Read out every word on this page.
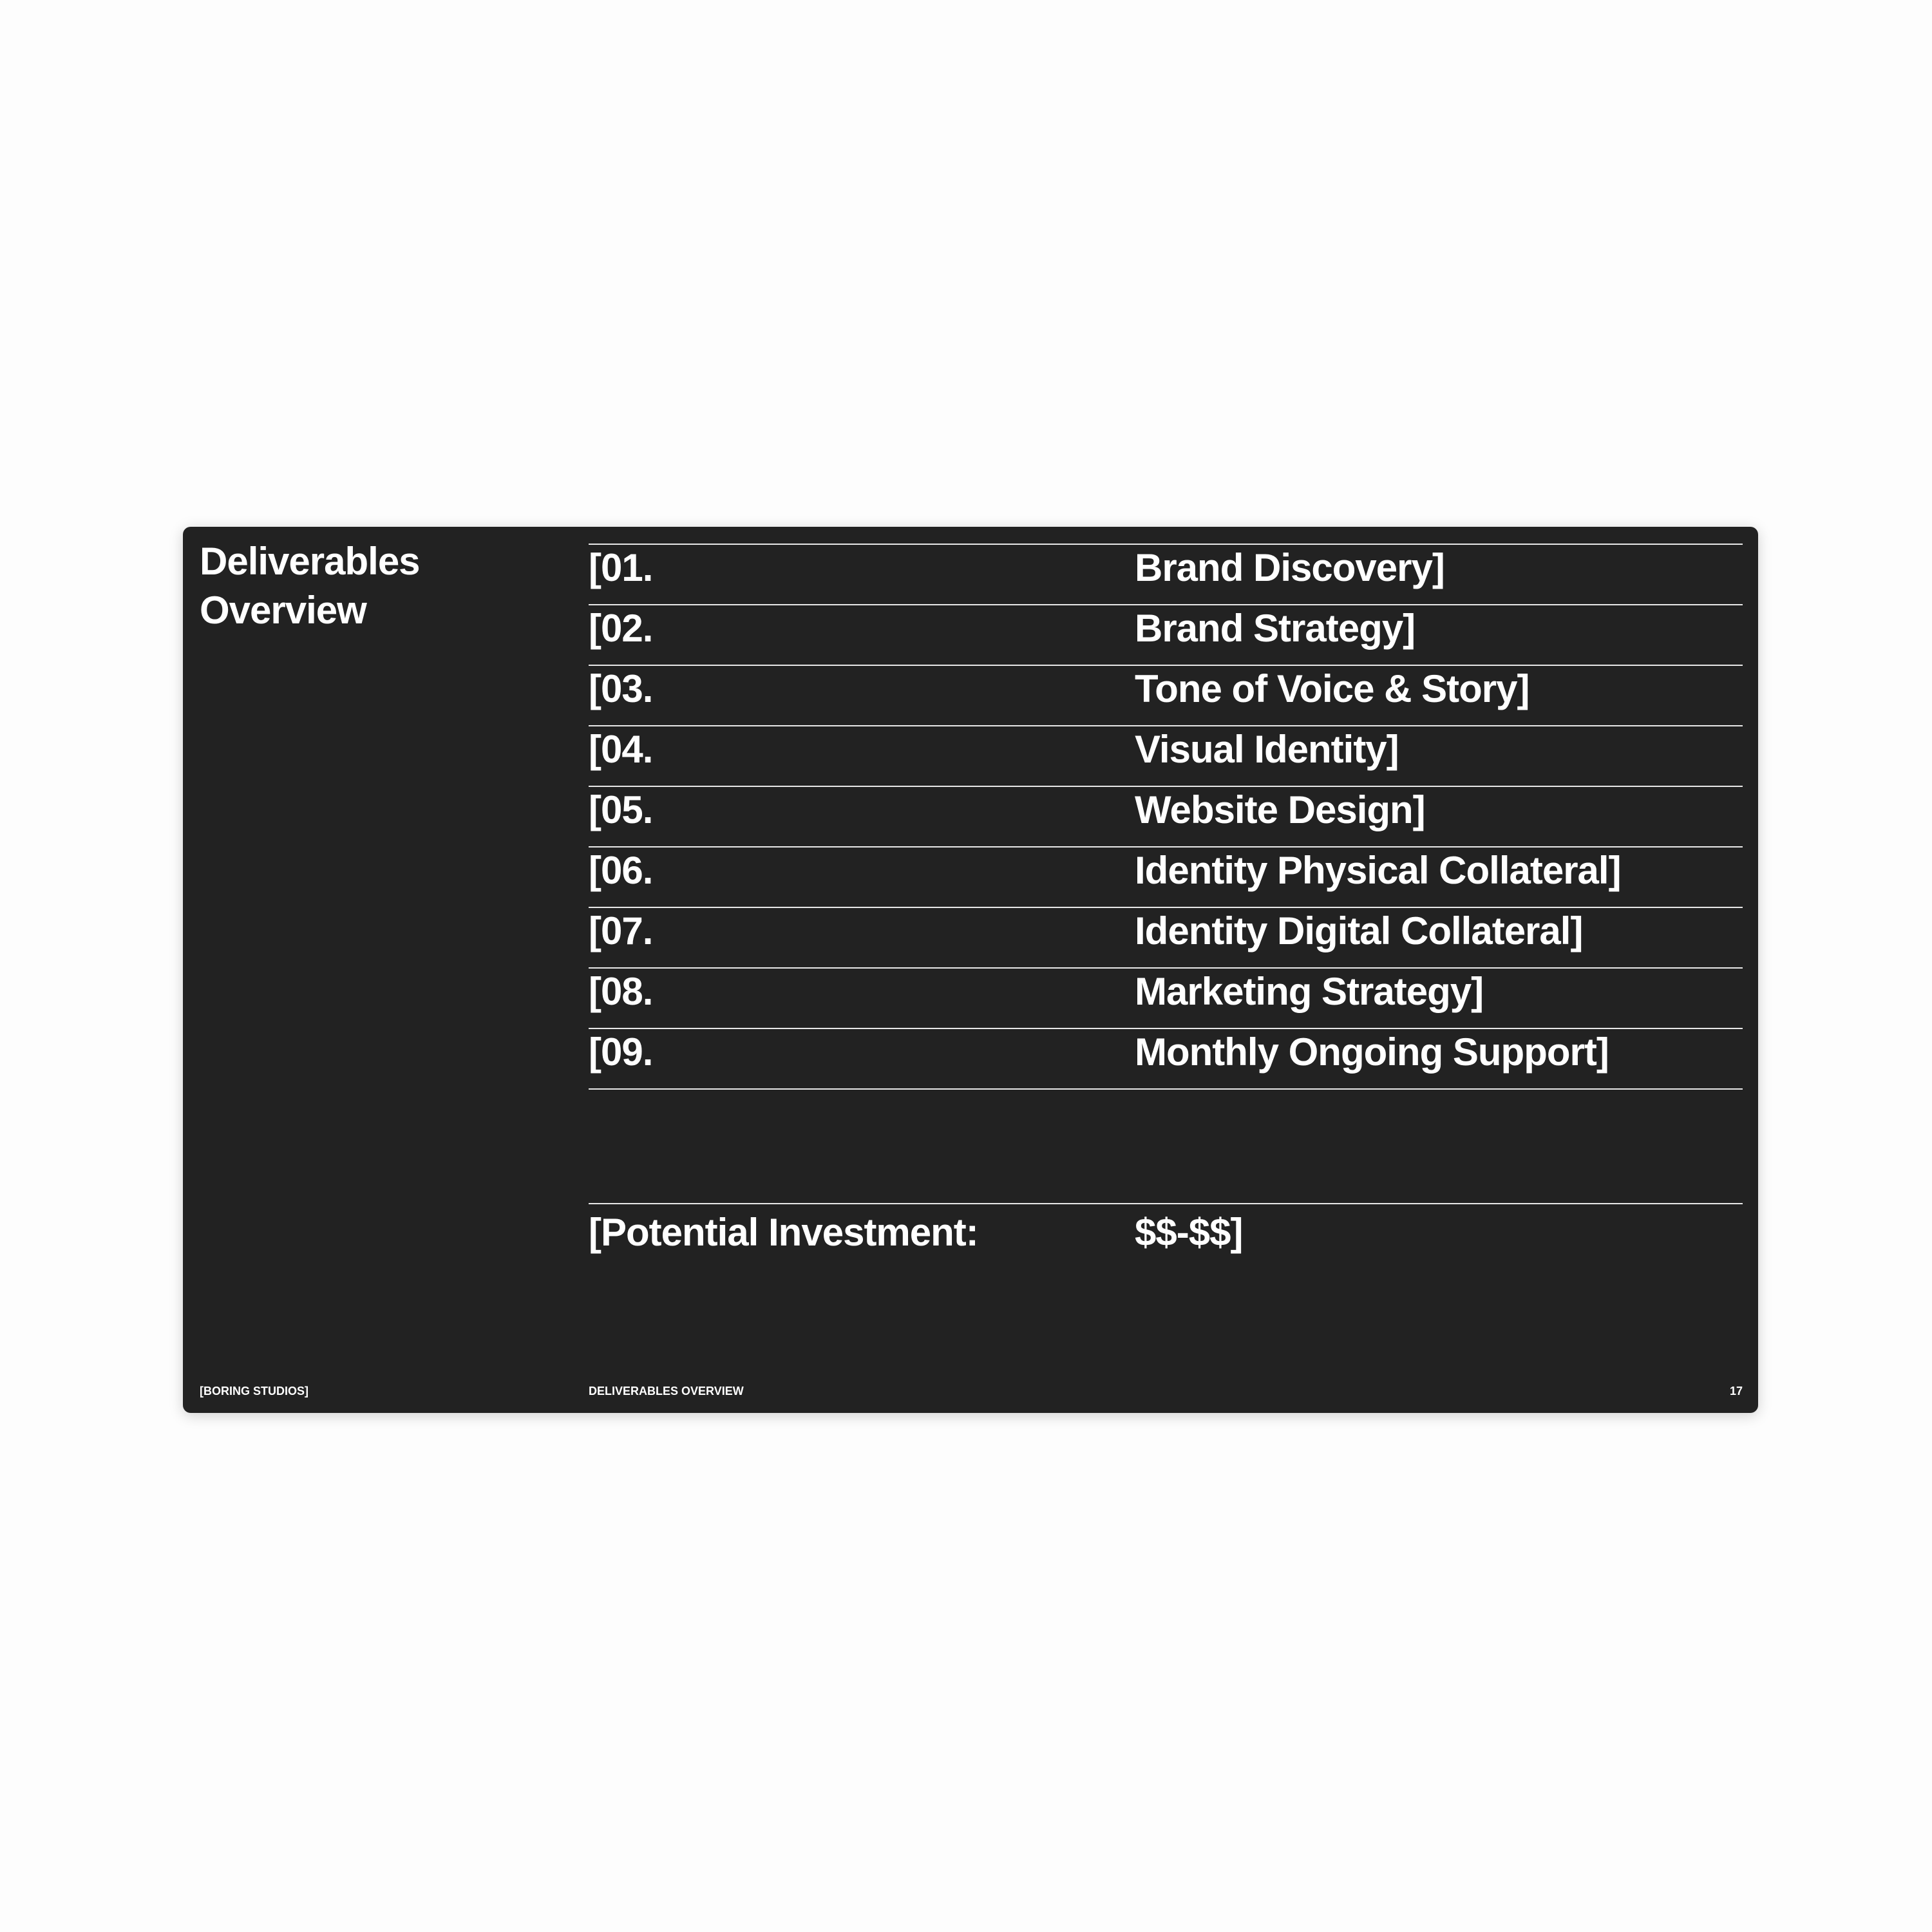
Deliverables
Overview
[01.	Brand Discovery]
[02.	Brand Strategy]
[03.	Tone of Voice & Story]
[04.	Visual Identity]
[05.	Website Design]
[06.	Identity Physical Collateral]
[07.	Identity Digital Collateral]
[08.	Marketing Strategy]
[09.	Monthly Ongoing Support]
[Potential Investment:	$$-$$]
[BORING STUDIOS]	DELIVERABLES OVERVIEW	17
